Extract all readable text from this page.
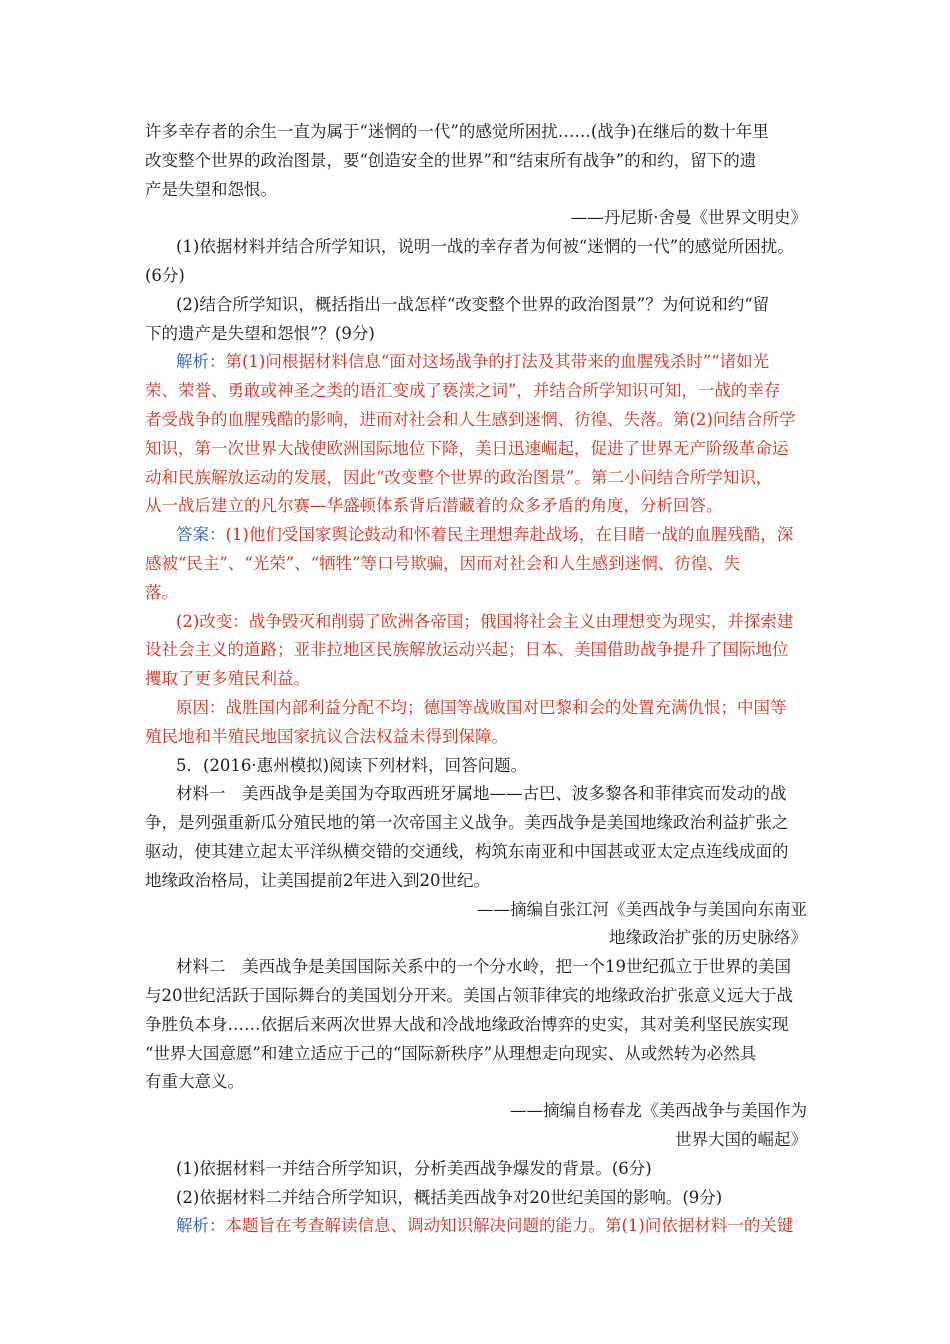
许多幸存者的余生一直为属于“迷惘的一代”的感觉所困扰……(战争)在继后的数十年里
改变整个世界的政治图景，要“创造安全的世界”和“结束所有战争”的和约，留下的遗
产是失望和怨恨。
——丹尼斯·舍曼《世界文明史》
(1)依据材料并结合所学知识，说明一战的幸存者为何被“迷惘的一代”的感觉所困扰。
(6分)
(2)结合所学知识，概括指出一战怎样“改变整个世界的政治图景”？为何说和约“留
下的遗产是失望和怨恨”？(9分)
解析：第(1)问根据材料信息“面对这场战争的打法及其带来的血腥残杀时”“诸如光
荣、荣誉、勇敢或神圣之类的语汇变成了亵渎之词”，并结合所学知识可知，一战的幸存
者受战争的血腥残酷的影响，进而对社会和人生感到迷惘、彷徨、失落。第(2)问结合所学
知识，第一次世界大战使欧洲国际地位下降，美日迅速崛起，促进了世界无产阶级革命运
动和民族解放运动的发展，因此“改变整个世界的政治图景”。第二小问结合所学知识，
从一战后建立的凡尔赛—华盛顿体系背后潜藏着的众多矛盾的角度，分析回答。
答案：(1)他们受国家舆论鼓动和怀着民主理想奔赴战场，在目睹一战的血腥残酷，深
感被“民主”、“光荣”、“牺牲”等口号欺骗，因而对社会和人生感到迷惘、彷徨、失
落。
(2)改变：战争毁灭和削弱了欧洲各帝国；俄国将社会主义由理想变为现实，并探索建
设社会主义的道路；亚非拉地区民族解放运动兴起；日本、美国借助战争提升了国际地位
攫取了更多殖民利益。
原因：战胜国内部利益分配不均；德国等战败国对巴黎和会的处置充满仇恨；中国等
殖民地和半殖民地国家抗议合法权益未得到保障。
5．(2016·惠州模拟)阅读下列材料，回答问题。
材料一　美西战争是美国为夺取西班牙属地——古巴、波多黎各和菲律宾而发动的战
争，是列强重新瓜分殖民地的第一次帝国主义战争。美西战争是美国地缘政治利益扩张之
驱动，使其建立起太平洋纵横交错的交通线，构筑东南亚和中国甚或亚太定点连线成面的
地缘政治格局，让美国提前2年进入到20世纪。
——摘编自张江河《美西战争与美国向东南亚
地缘政治扩张的历史脉络》
材料二　美西战争是美国国际关系中的一个分水岭，把一个19世纪孤立于世界的美国
与20世纪活跃于国际舞台的美国划分开来。美国占领菲律宾的地缘政治扩张意义远大于战
争胜负本身……依据后来两次世界大战和冷战地缘政治博弈的史实，其对美利坚民族实现
“世界大国意愿”和建立适应于己的“国际新秩序”从理想走向现实、从或然转为必然具
有重大意义。
——摘编自杨春龙《美西战争与美国作为
世界大国的崛起》
(1)依据材料一并结合所学知识，分析美西战争爆发的背景。(6分)
(2)依据材料二并结合所学知识，概括美西战争对20世纪美国的影响。(9分)
解析：本题旨在考查解读信息、调动知识解决问题的能力。第(1)问依据材料一的关键
